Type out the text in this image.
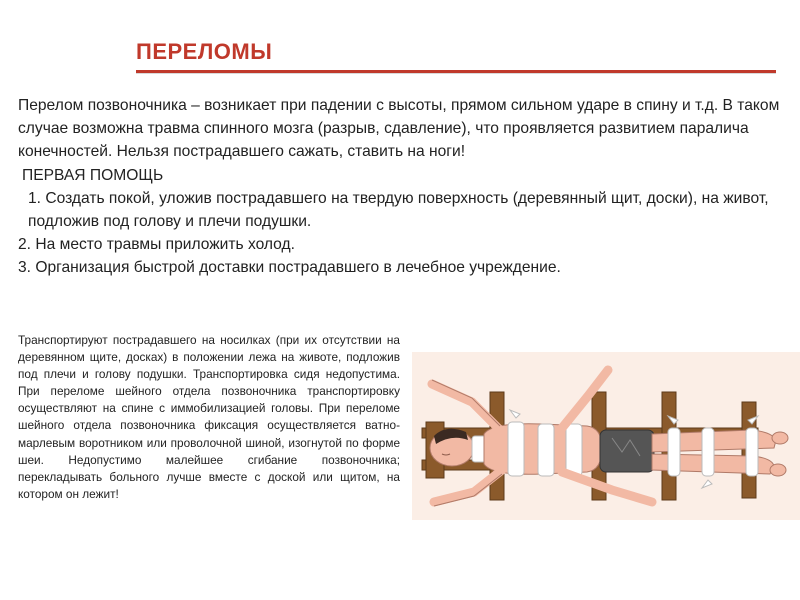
ПЕРЕЛОМЫ

Перелом позвоночника – возникает при падении с высоты, прямом сильном ударе в спину и т.д. В таком случае возможна травма спинного мозга (разрыв, сдавление), что проявляется развитием паралича конечностей. Нельзя пострадавшего сажать, ставить на ноги!

ПЕРВАЯ ПОМОЩЬ

1. Создать покой, уложив пострадавшего на твердую поверхность (деревянный щит, доски), на живот, подложив под голову и плечи подушки.

2. На место травмы приложить холод.

3. Организация быстрой доставки пострадавшего в лечебное учреждение.

Транспортируют пострадавшего на носилках (при их отсутствии на деревянном щите, досках) в положении лежа на животе, подложив под плечи и голову подушки. Транспортировка сидя недопустима. При переломе шейного отдела позвоночника транспортировку осуществляют на спине с иммобилизацией головы. При переломе шейного отдела позвоночника фиксация осуществляется ватно-марлевым воротником или проволочной шиной, изогнутой по форме шеи. Недопустимо малейшее сгибание позвоночника; перекладывать больного лучше вместе с доской или щитом, на котором он лежит!
